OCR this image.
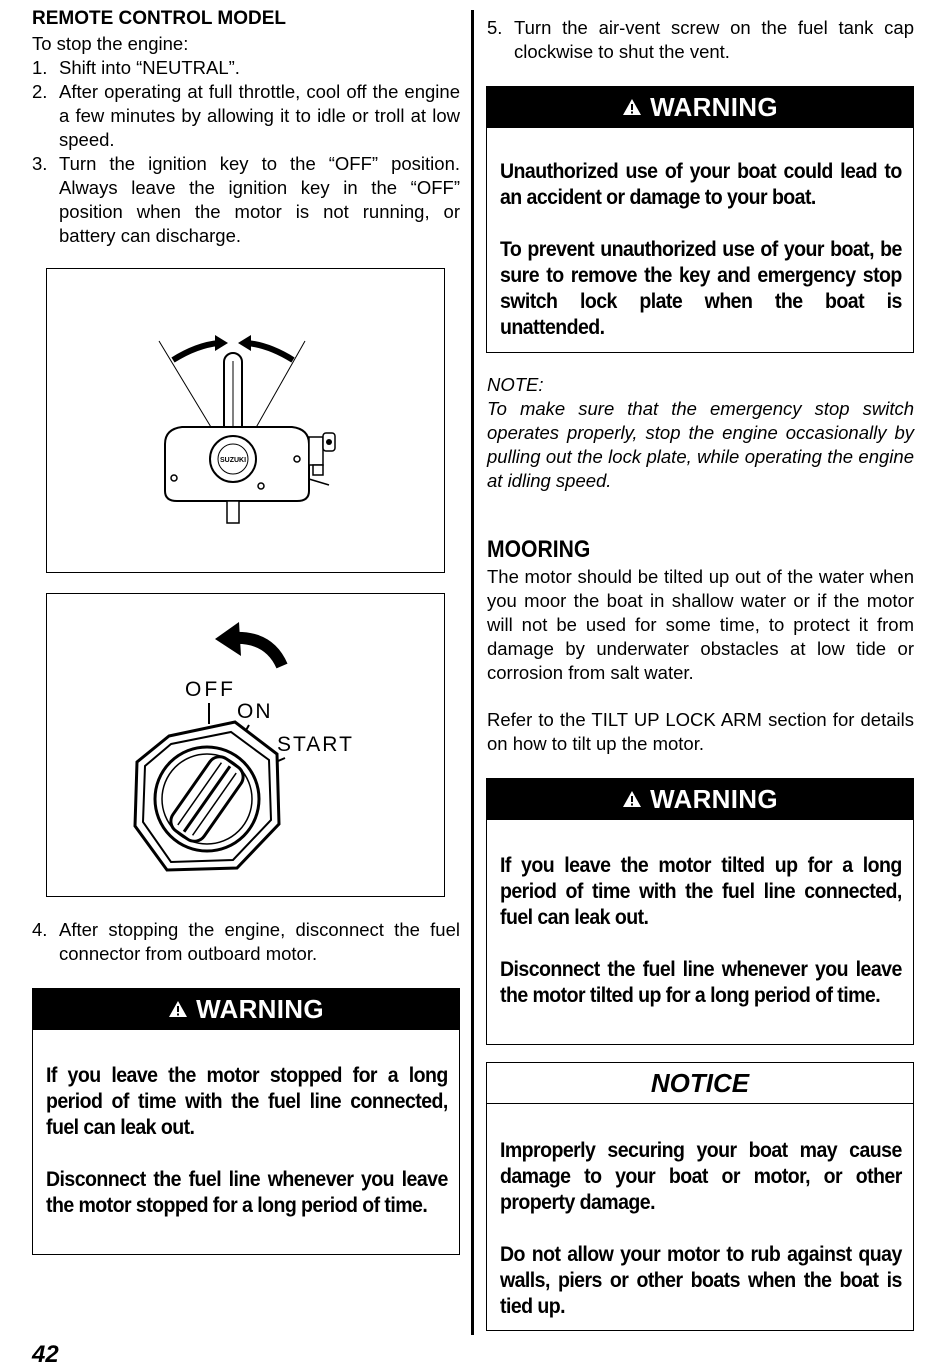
REMOTE CONTROL MODEL

To stop the engine:

1. Shift into “NEUTRAL”.
2. After operating at full throttle, cool off the engine a few minutes by allowing it to idle or troll at low speed.
3. Turn the ignition key to the “OFF” position. Always leave the ignition key in the “OFF” position when the motor is not running, or battery can discharge.
SUZUKI
OFF
ON
START
4. After stopping the engine, disconnect the fuel connector from outboard motor.
WARNING

If you leave the motor stopped for a long period of time with the fuel line connected, fuel can leak out.

Disconnect the fuel line whenever you leave the motor stopped for a long period of time.

5. Turn the air-vent screw on the fuel tank cap clockwise to shut the vent.
WARNING

Unauthorized use of your boat could lead to an accident or damage to your boat.

To prevent unauthorized use of your boat, be sure to remove the key and emergency stop switch lock plate when the boat is unattended.

NOTE:

To make sure that the emergency stop switch operates properly, stop the engine occasionally by pulling out the lock plate, while operating the engine at idling speed.

MOORING

The motor should be tilted up out of the water when you moor the boat in shallow water or if the motor will not be used for some time, to protect it from damage by underwater obstacles at low tide or corrosion from salt water.

Refer to the TILT UP LOCK ARM section for details on how to tilt up the motor.

WARNING

If you leave the motor tilted up for a long period of time with the fuel line connected, fuel can leak out.

Disconnect the fuel line whenever you leave the motor tilted up for a long period of time.

NOTICE

Improperly securing your boat may cause damage to your boat or motor, or other property damage.

Do not allow your motor to rub against quay walls, piers or other boats when the boat is tied up.

42
